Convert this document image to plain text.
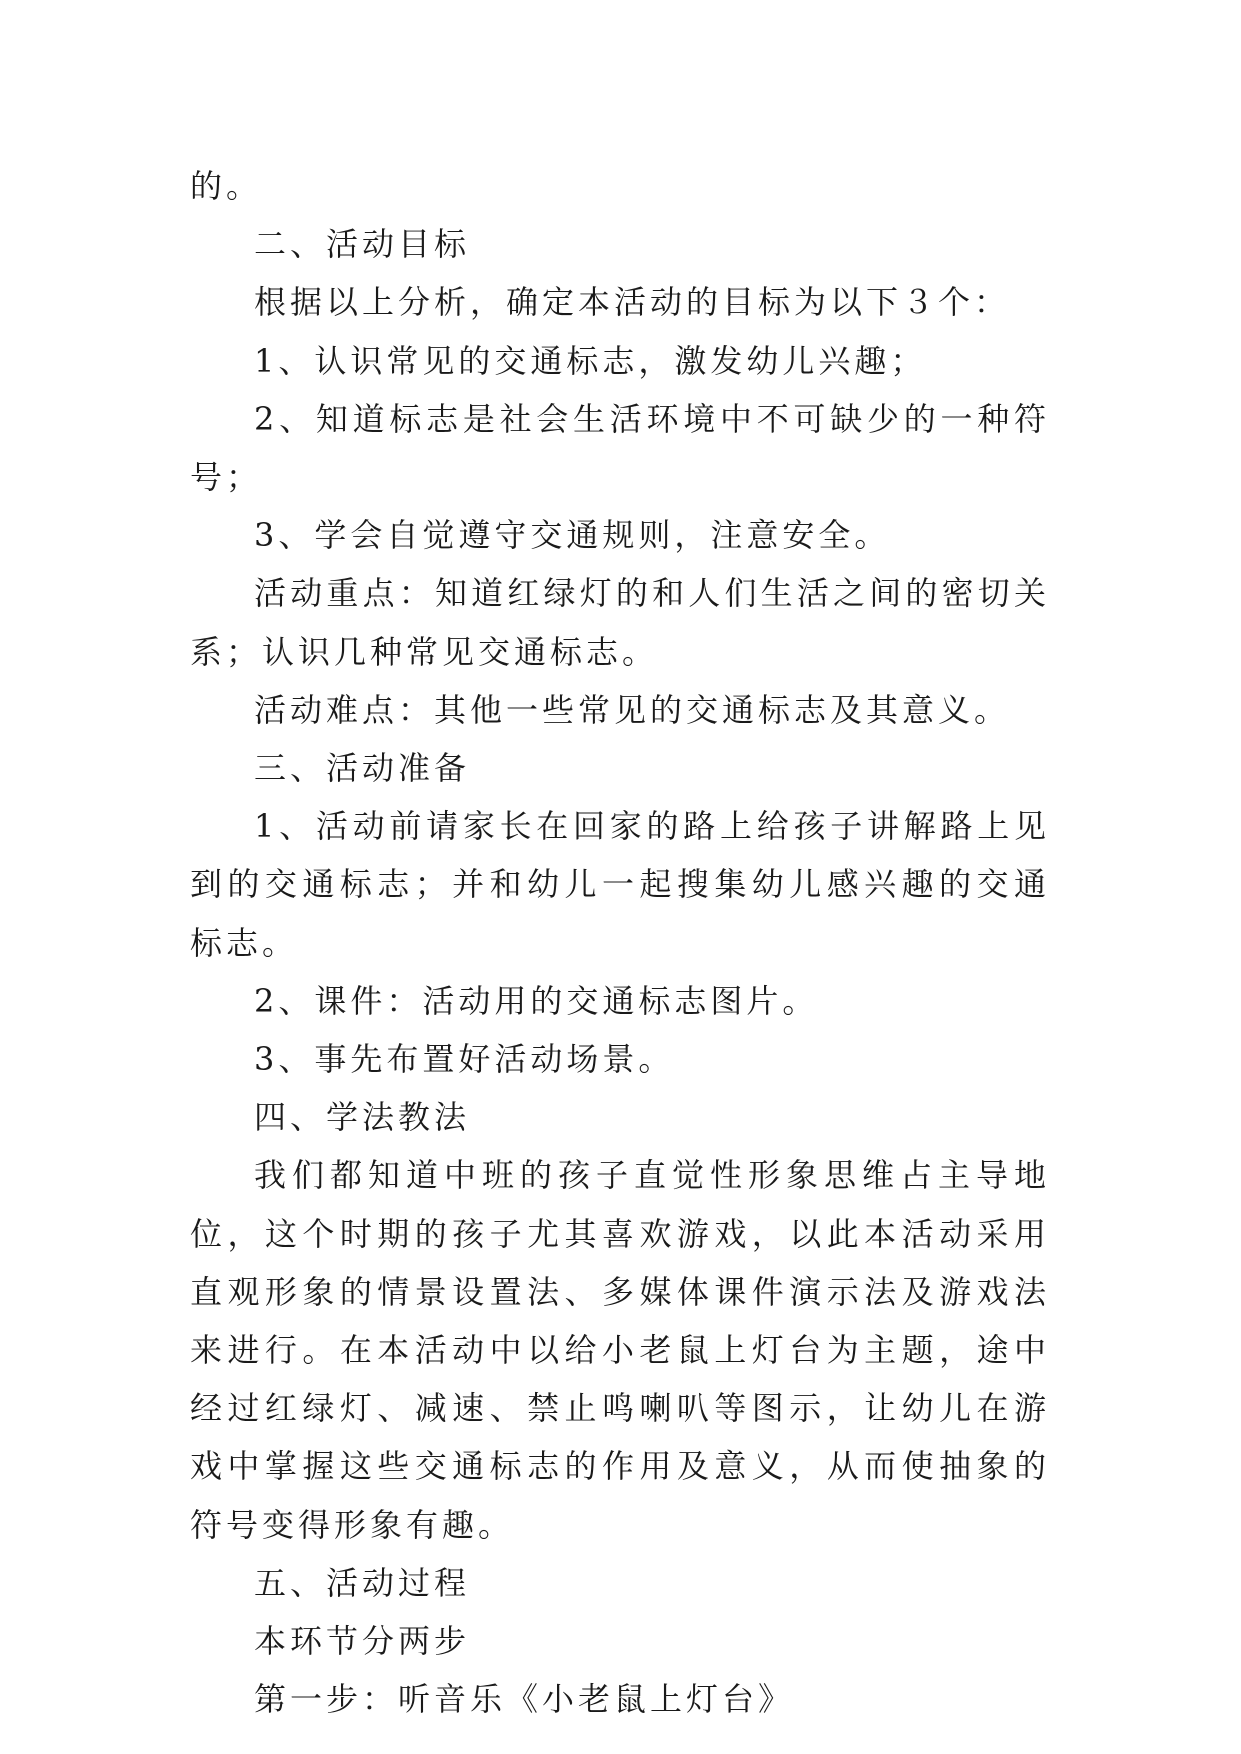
的。

二、活动目标

根据以上分析，确定本活动的目标为以下３个：

1、认识常见的交通标志，激发幼儿兴趣；

2、知道标志是社会生活环境中不可缺少的一种符号；

3、学会自觉遵守交通规则，注意安全。

活动重点：知道红绿灯的和人们生活之间的密切关系；认识几种常见交通标志。

活动难点：其他一些常见的交通标志及其意义。

三、活动准备

1、活动前请家长在回家的路上给孩子讲解路上见到的交通标志；并和幼儿一起搜集幼儿感兴趣的交通标志。

2、课件：活动用的交通标志图片。

3、事先布置好活动场景。

四、学法教法

我们都知道中班的孩子直觉性形象思维占主导地位，这个时期的孩子尤其喜欢游戏，以此本活动采用直观形象的情景设置法、多媒体课件演示法及游戏法来进行。在本活动中以给小老鼠上灯台为主题，途中经过红绿灯、减速、禁止鸣喇叭等图示，让幼儿在游戏中掌握这些交通标志的作用及意义，从而使抽象的符号变得形象有趣。

五、活动过程

本环节分两步

第一步：听音乐《小老鼠上灯台》
